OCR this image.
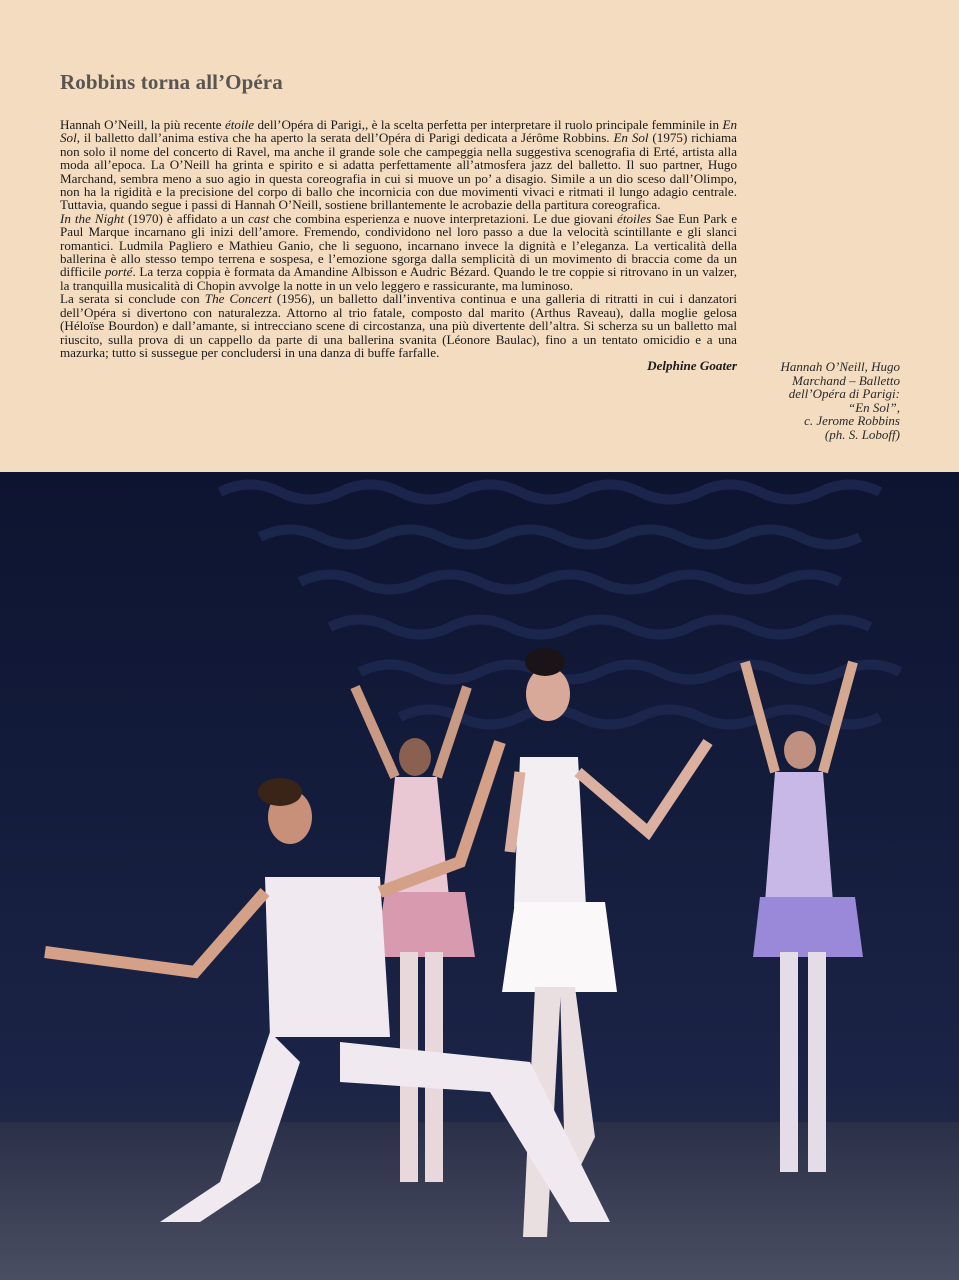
Robbins torna all’Opéra

Hannah O’Neill, la più recente étoile dell’Opéra di Parigi,, è la scelta perfetta per interpretare il ruolo principale femminile in En Sol, il balletto dall’anima estiva che ha aperto la serata dell’Opéra di Parigi dedicata a Jérôme Robbins. En Sol (1975) richiama non solo il nome del concerto di Ravel, ma anche il grande sole che campeggia nella suggestiva scenografia di Erté, artista alla moda all’epoca. La O’Neill ha grinta e spirito e si adatta perfettamente all’atmosfera jazz del balletto. Il suo partner, Hugo Marchand, sembra meno a suo agio in questa coreografia in cui si muove un po’ a disagio. Simile a un dio sceso dall’Olimpo, non ha la rigidità e la precisione del corpo di ballo che incornicia con due movimenti vivaci e ritmati il lungo adagio centrale. Tuttavia, quando segue i passi di Hannah O’Neill, sostiene brillantemente le acrobazie della partitura coreografica.

In the Night (1970) è affidato a un cast che combina esperienza e nuove interpretazioni. Le due giovani étoiles Sae Eun Park e Paul Marque incarnano gli inizi dell’amore. Fremendo, condividono nel loro passo a due la velocità scintillante e gli slanci romantici. Ludmila Pagliero e Mathieu Ganio, che li seguono, incarnano invece la dignità e l’eleganza. La verticalità della ballerina è allo stesso tempo terrena e sospesa, e l’emozione sgorga dalla semplicità di un movimento di braccia come da un difficile porté. La terza coppia è formata da Amandine Albisson e Audric Bézard. Quando le tre coppie si ritrovano in un valzer, la tranquilla musicalità di Chopin avvolge la notte in un velo leggero e rassicurante, ma luminoso.

La serata si conclude con The Concert (1956), un balletto dall’inventiva continua e una galleria di ritratti in cui i danzatori dell’Opéra si divertono con naturalezza. Attorno al trio fatale, composto dal marito (Arthus Raveau), dalla moglie gelosa (Héloïse Bourdon) e dall’amante, si intrecciano scene di circostanza, una più divertente dell’altra. Si scherza su un balletto mal riuscito, sulla prova di un cappello da parte di una ballerina svanita (Léonore Baulac), fino a un tentato omicidio e a una mazurka; tutto si sussegue per concludersi in una danza di buffe farfalle.

Delphine Goater	Hannah O’Neill, Hugo
Marchand – Balletto
dell’Opéra di Parigi:
“En Sol”,
c. Jerome Robbins
(ph. S. Loboff)
